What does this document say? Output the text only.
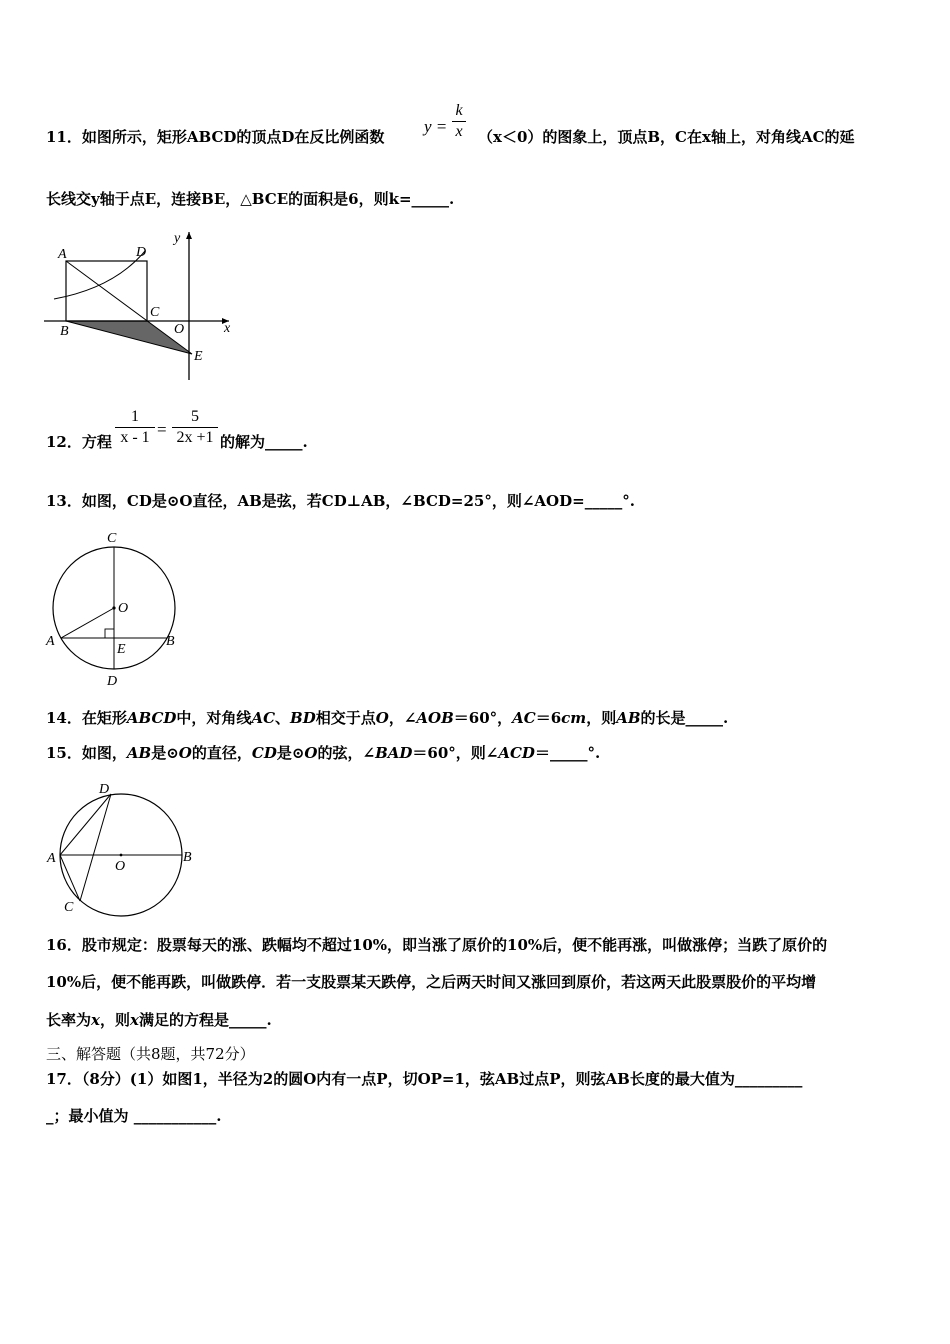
11．如图所示，矩形ABCD的顶点D在反比例函数
y =
k
x （x＜0）的图象上，顶点B，C在x轴上，对角线AC的延
长线交y轴于点E，连接BE，△BCE的面积是6，则k=_____.
A	D
B
C
O
E
x
y
12．方程
1
x - 1 =
5
2x +1 的解为_____.
13．如图，CD是⊙O直径，AB是弦，若CD⊥AB，∠BCD=25°，则∠AOD=_____°.
C
O
A	B
E
D
14．在矩形ABCD中，对角线AC、BD相交于点O，∠AOB＝60°，AC＝6cm，则AB的长是_____.
15．如图，AB是⊙O的直径，CD是⊙O的弦，∠BAD＝60°，则∠ACD＝_____°.
D
A
O
B
C
16．股市规定：股票每天的涨、跌幅均不超过10%，即当涨了原价的10%后，便不能再涨，叫做涨停；当跌了原价的
10%后，便不能再跌，叫做跌停．若一支股票某天跌停，之后两天时间又涨回到原价，若这两天此股票股价的平均增
长率为x，则x满足的方程是_____.
三、解答题（共8题，共72分）
17．（8分）(1）如图1，半径为2的圆O内有一点P，切OP=1，弦AB过点P，则弦AB长度的最大值为_________
_；最小值为 ___________.
